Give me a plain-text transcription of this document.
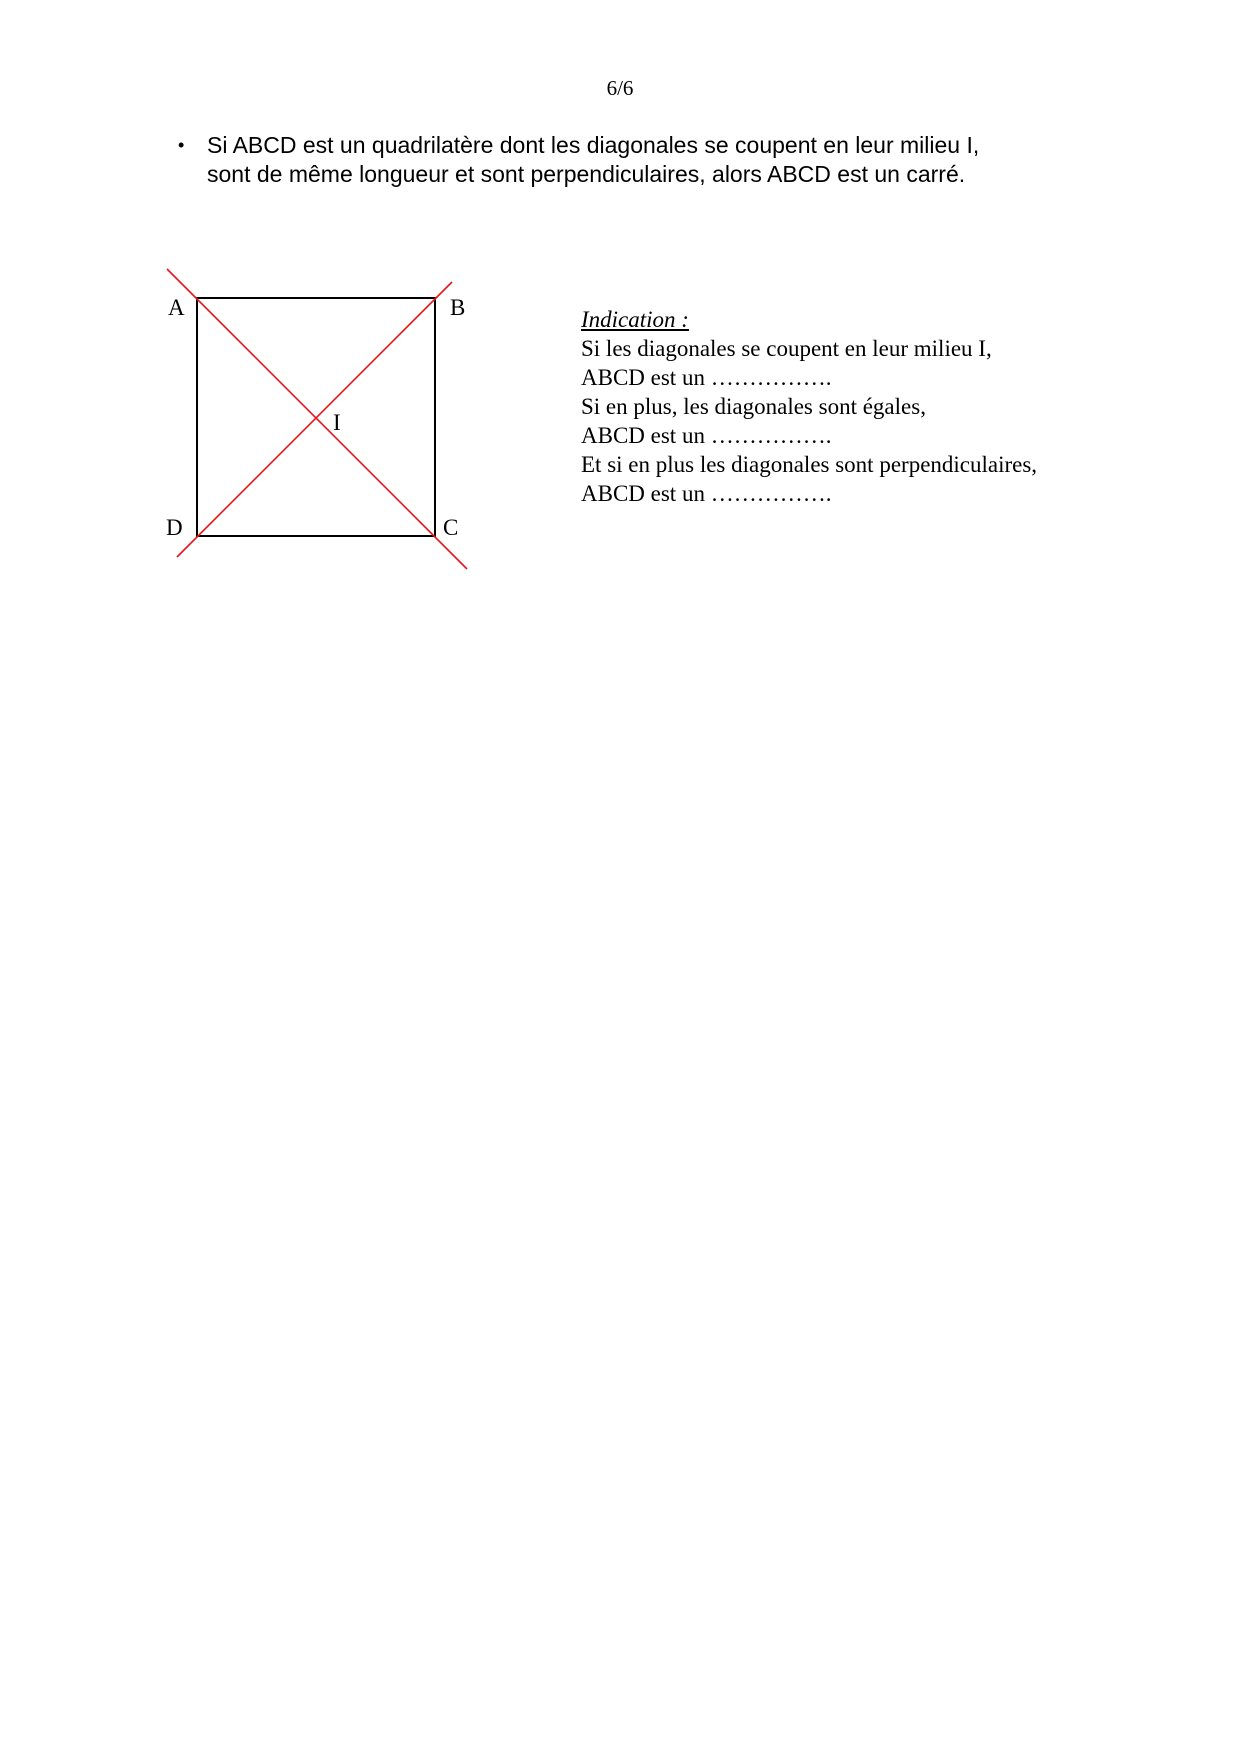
6/6
• Si ABCD est un quadrilatère dont les diagonales se coupent en leur milieu I,
sont de même longueur et sont perpendiculaires, alors ABCD est un carré.
A	B
C
D
I
Indication :
Si les diagonales se coupent en leur milieu I,
ABCD est un …………….
Si en plus, les diagonales sont égales,
ABCD est un …………….
Et si en plus les diagonales sont perpendiculaires,
ABCD est un …………….
